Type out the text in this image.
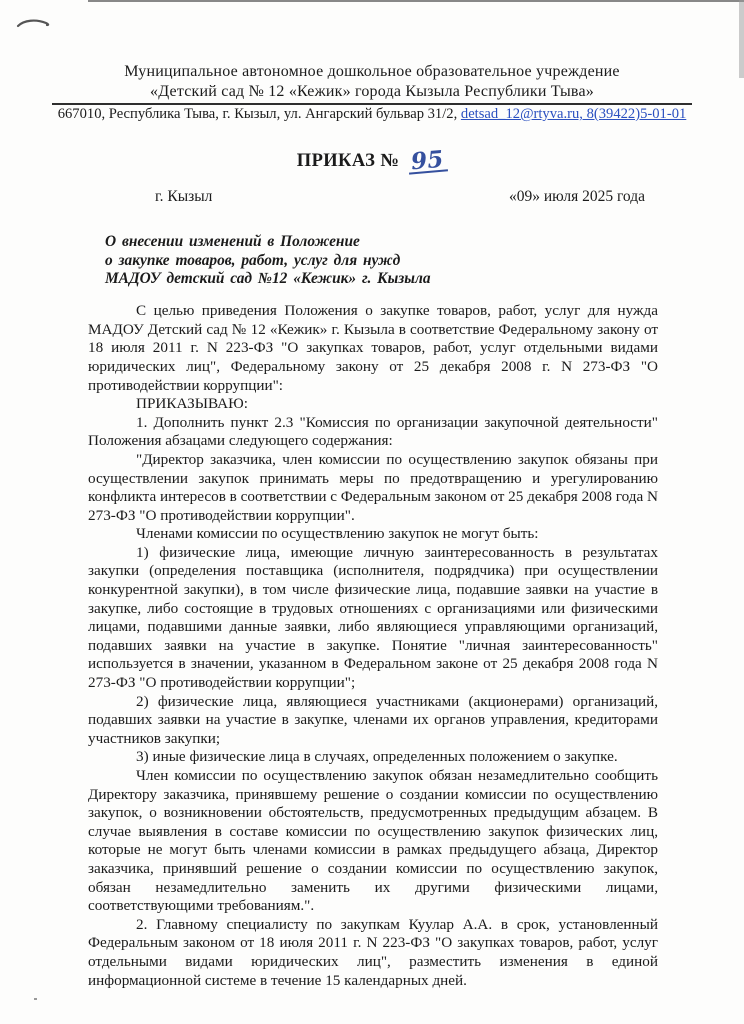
Муниципальное автономное дошкольное образовательное учреждение
«Детский сад № 12 «Кежик» города Кызыла Республики Тыва»
667010, Республика Тыва, г. Кызыл, ул. Ангарский бульвар 31/2, detsad_12@rtyva.ru, 8(39422)5-01-01
ПРИКАЗ № 95
г. Кызыл	«09» июля 2025 года
О внесении изменений в Положение
о закупке товаров, работ, услуг для нужд
МАДОУ детский сад №12 «Кежик» г. Кызыла

С целью приведения Положения о закупке товаров, работ, услуг для нужда МАДОУ Детский сад № 12 «Кежик» г. Кызыла в соответствие Федеральному закону от 18 июля 2011 г. N 223-ФЗ "О закупках товаров, работ, услуг отдельными видами юридических лиц", Федеральному закону от 25 декабря 2008 г. N 273-ФЗ "О противодействии коррупции":

ПРИКАЗЫВАЮ:

1. Дополнить пункт 2.3 "Комиссия по организации закупочной деятельности" Положения абзацами следующего содержания:

"Директор заказчика, член комиссии по осуществлению закупок обязаны при осуществлении закупок принимать меры по предотвращению и урегулированию конфликта интересов в соответствии с Федеральным законом от 25 декабря 2008 года N 273-ФЗ "О противодействии коррупции".

Членами комиссии по осуществлению закупок не могут быть:

1) физические лица, имеющие личную заинтересованность в результатах закупки (определения поставщика (исполнителя, подрядчика) при осуществлении конкурентной закупки), в том числе физические лица, подавшие заявки на участие в закупке, либо состоящие в трудовых отношениях с организациями или физическими лицами, подавшими данные заявки, либо являющиеся управляющими организаций, подавших заявки на участие в закупке. Понятие "личная заинтересованность" используется в значении, указанном в Федеральном законе от 25 декабря 2008 года N 273-ФЗ "О противодействии коррупции";

2) физические лица, являющиеся участниками (акционерами) организаций, подавших заявки на участие в закупке, членами их органов управления, кредиторами участников закупки;

3) иные физические лица в случаях, определенных положением о закупке.

Член комиссии по осуществлению закупок обязан незамедлительно сообщить Директору заказчика, принявшему решение о создании комиссии по осуществлению закупок, о возникновении обстоятельств, предусмотренных предыдущим абзацем. В случае выявления в составе комиссии по осуществлению закупок физических лиц, которые не могут быть членами комиссии в рамках предыдущего абзаца, Директор заказчика, принявший решение о создании комиссии по осуществлению закупок, обязан незамедлительно заменить их другими физическими лицами, соответствующими требованиям.".

2. Главному специалисту по закупкам Куулар А.А. в срок, установленный Федеральным законом от 18 июля 2011 г. N 223-ФЗ "О закупках товаров, работ, услуг отдельными видами юридических лиц", разместить изменения в единой информационной системе в течение 15 календарных дней.
